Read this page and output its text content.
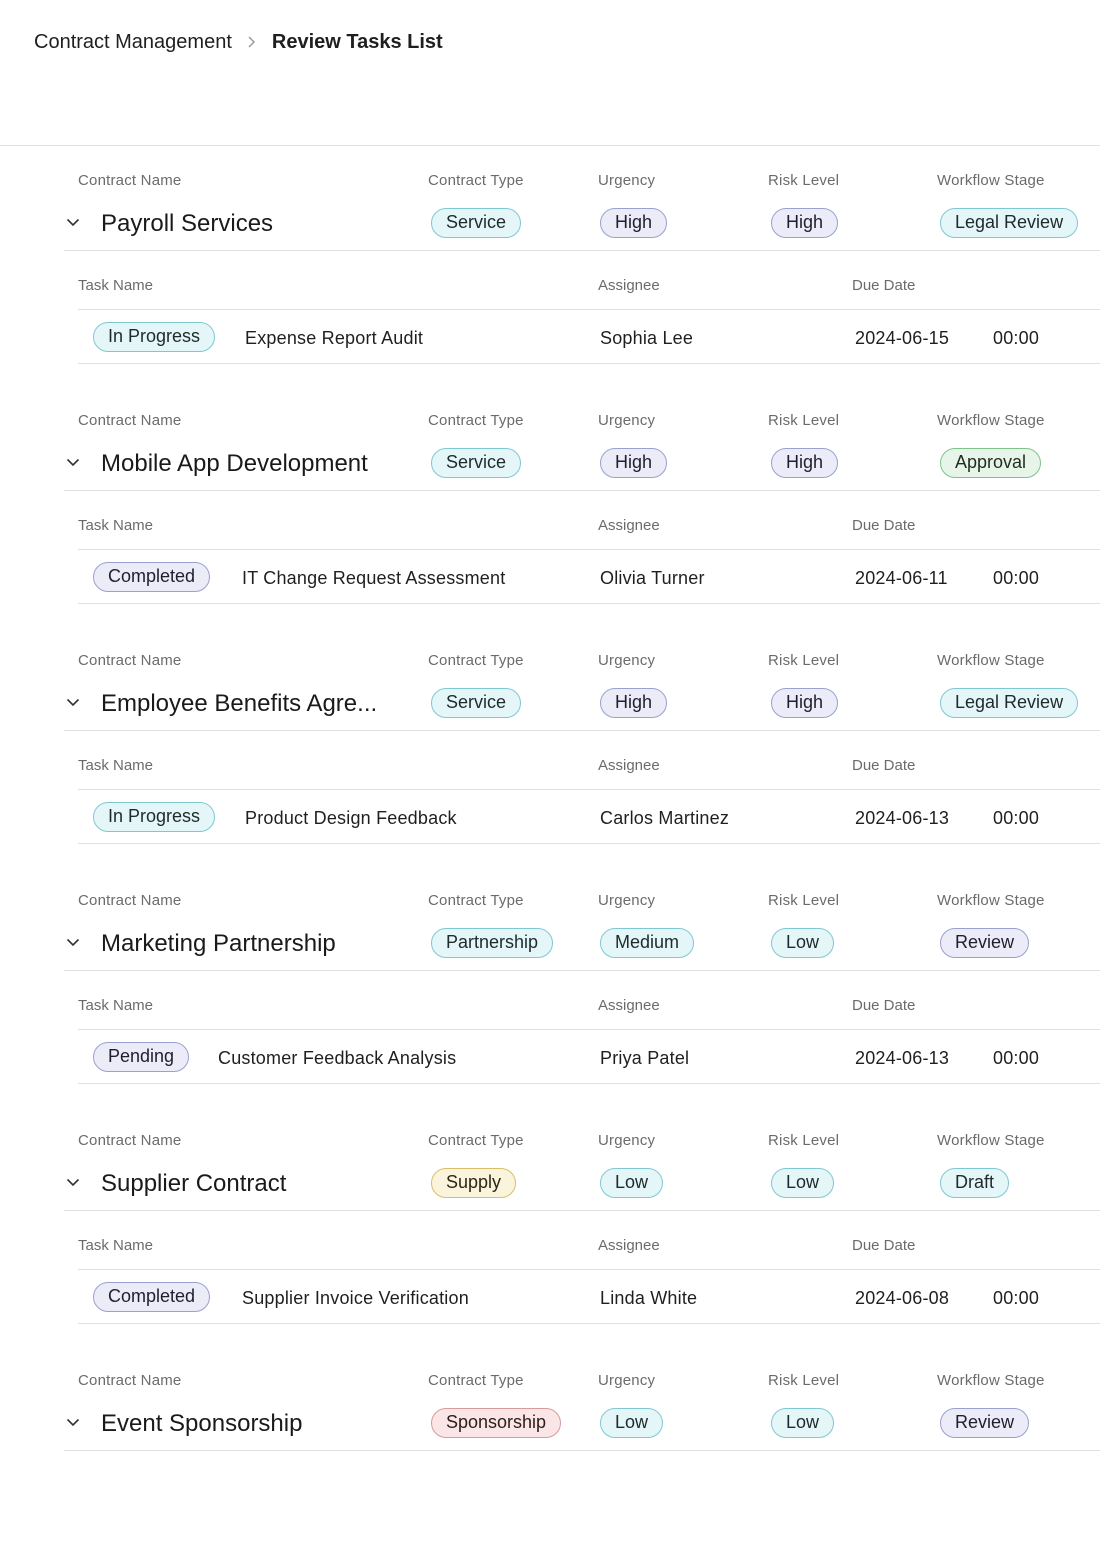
Contract Management Review Tasks List
Contract Name	Contract Type	Urgency	Risk Level	Workflow Stage
Payroll Services	Service	High	High	Legal Review
Task Name	Assignee	Due Date
In Progress	Expense Report Audit	Sophia Lee	2024-06-15 00:00
Contract Name	Contract Type	Urgency	Risk Level	Workflow Stage
Mobile App Development	Service	High	High	Approval
Task Name	Assignee	Due Date
Completed	IT Change Request Assessment	Olivia Turner	2024-06-11	00:00
Contract Name	Contract Type	Urgency	Risk Level	Workflow Stage
Employee Benefits Agre...	Service	High	High	Legal Review
Task Name	Assignee	Due Date
In Progress	Product Design Feedback	Carlos Martinez	2024-06-13 00:00
Contract Name	Contract Type	Urgency	Risk Level	Workflow Stage
Marketing Partnership	Partnership	Medium	Low	Review
Task Name	Assignee	Due Date
Pending	Customer Feedback Analysis	Priya Patel	2024-06-13 00:00
Contract Name	Contract Type	Urgency	Risk Level	Workflow Stage
Supplier Contract	Supply	Low	Low	Draft
Task Name	Assignee	Due Date
Completed	Supplier Invoice Verification	Linda White	2024-06-08 00:00
Contract Name	Contract Type	Urgency	Risk Level	Workflow Stage
Event Sponsorship	Sponsorship	Low	Low	Review
